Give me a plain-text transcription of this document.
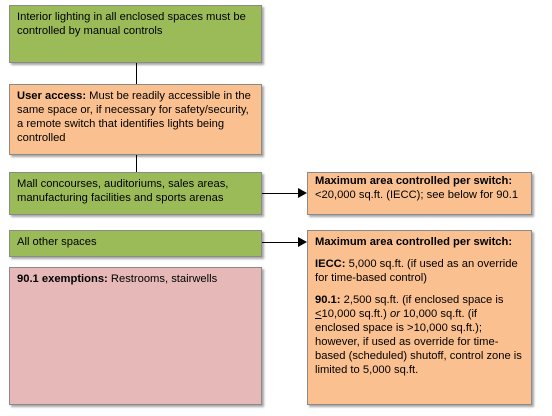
Interior lighting in all enclosed spaces must be controlled by manual controls
User access: Must be readily accessible in the same space or, if necessary for safety/security, a remote switch that identifies lights being controlled
Mall concourses, auditoriums, sales areas, manufacturing facilities and sports arenas
Maximum area controlled per switch:
<20,000 sq.ft. (IECC); see below for 90.1
All other spaces	Maximum area controlled per switch:

IECC: 5,000 sq.ft. (if used as an override for time-based control)

90.1: 2,500 sq.ft. (if enclosed space is <10,000 sq.ft.) or 10,000 sq.ft. (if enclosed space is >10,000 sq.ft.); however, if used as override for time-based (scheduled) shutoff, control zone is limited to 5,000 sq.ft.

90.1 exemptions: Restrooms, stairwells
